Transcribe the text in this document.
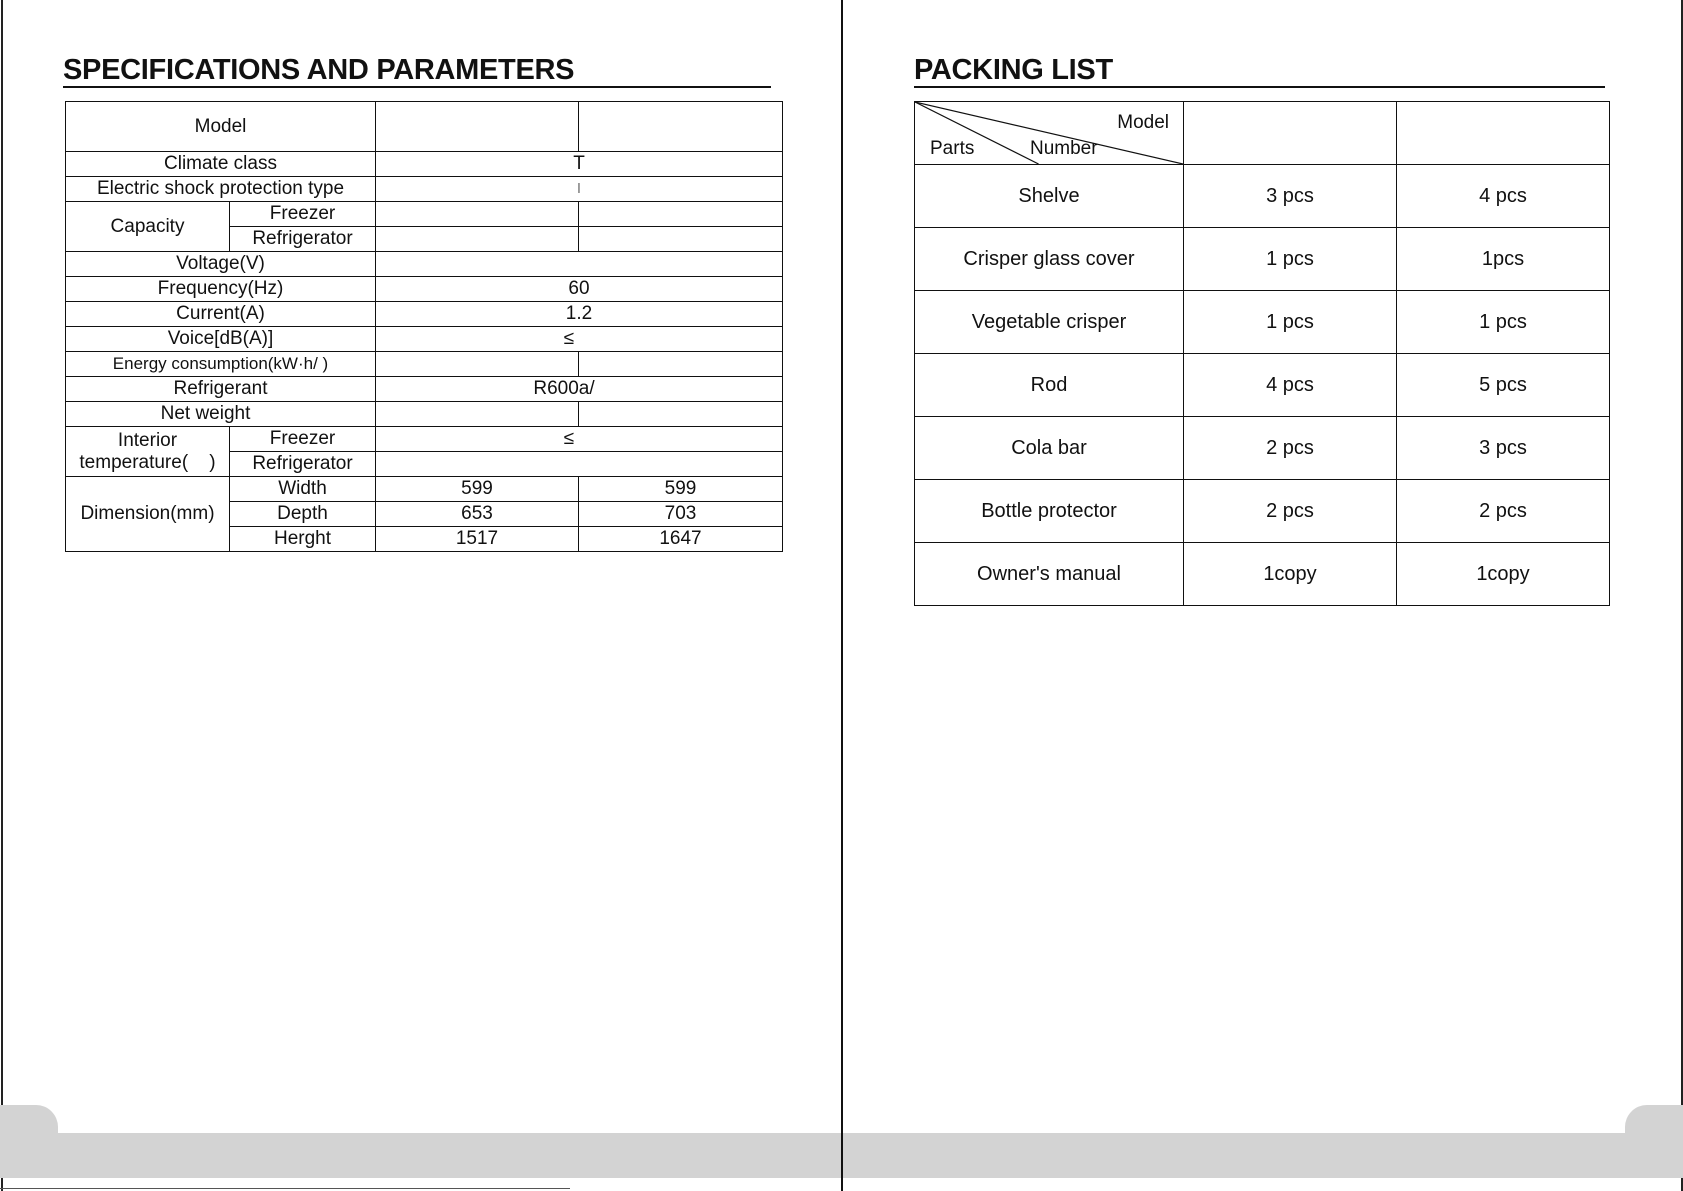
SPECIFICATIONS AND PARAMETERS
Model			
Climate class		T	
Electric shock protection type		I	
Capacity	Freezer		
	Refrigerator		
Voltage(V)			
Frequency(Hz)		60	
Current(A)		1.2	
Voice[dB(A)]		≤	
Energy consumption(kW·h/ )			
Refrigerant		R600a/	
Net weight			

Interior
temperature(    )	Freezer	≤	
	Refrigerator		
Dimension(mm)	Width	599	599
	Depth	653	703
	Herght	1517	1647
PACKING LIST
Model
Parts Number		

Shelve	3 pcs	4 pcs
Crisper glass cover	1 pcs	1pcs
Vegetable crisper	1 pcs	1 pcs
Rod	4 pcs	5 pcs
Cola bar	2 pcs	3 pcs
Bottle protector	2 pcs	2 pcs
Owner's manual	1copy	1copy
